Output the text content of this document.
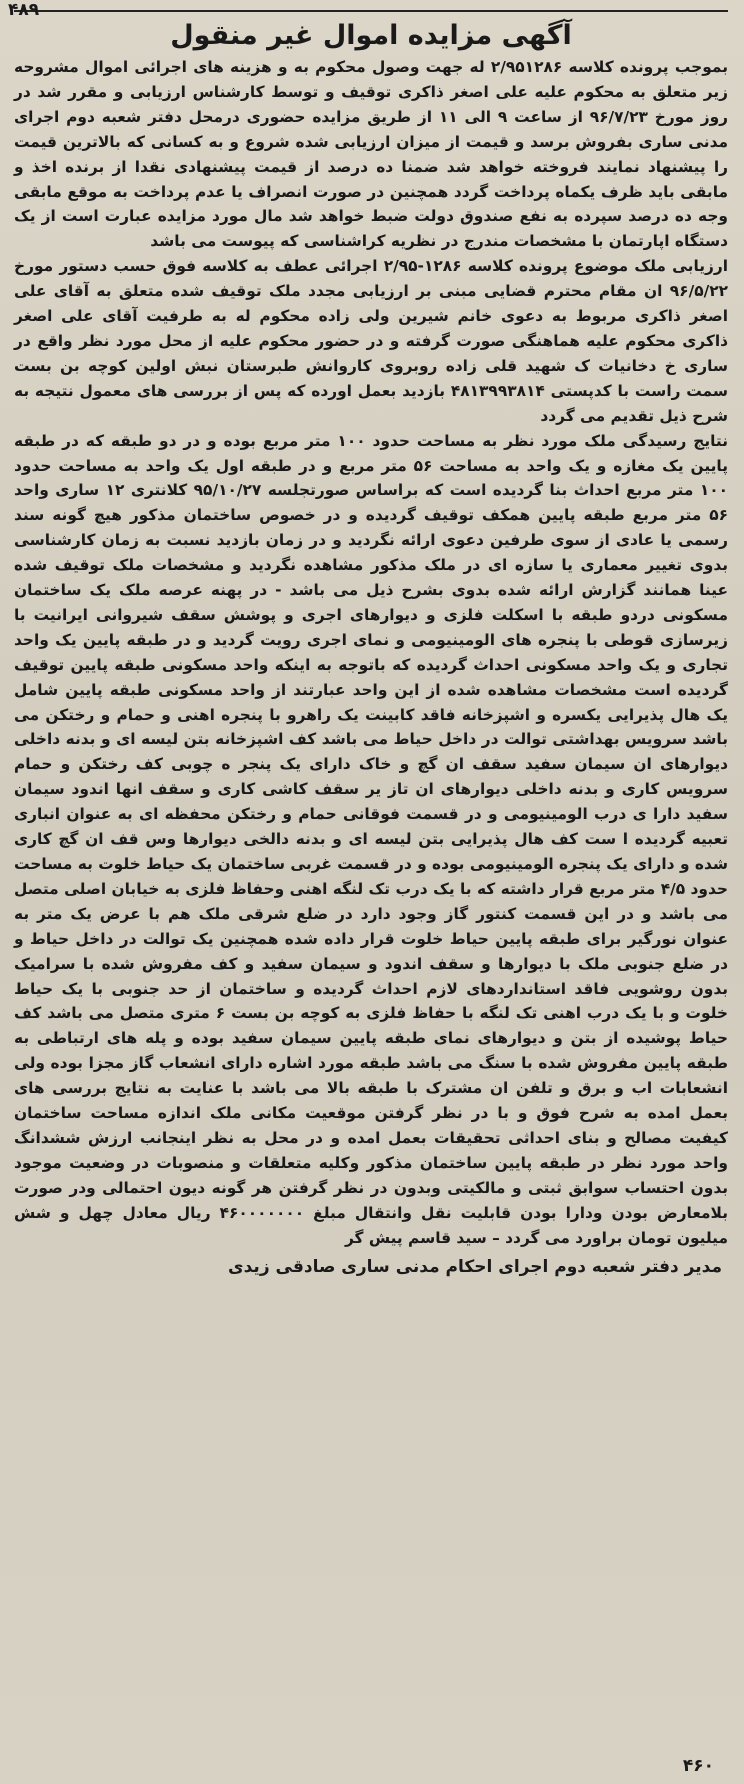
۴۸۹
آگهی مزایده اموال غیر منقول

بموجب پرونده کلاسه ۲/۹۵۱۲۸۶ له جهت وصول محکوم به و هزینه های اجرائی اموال مشروحه زیر متعلق به محکوم علیه علی اصغر ذاکری توقیف و توسط کارشناس ارزیابی و مقرر شد در روز مورخ ۹۶/۷/۲۳ از ساعت ۹ الی ۱۱ از طریق مزایده حضوری درمحل دفتر شعبه دوم اجرای مدنی ساری بفروش برسد و قیمت از میزان ارزیابی شده شروع و به کسانی که بالاترین قیمت را پیشنهاد نمایند فروخته خواهد شد ضمنا ده درصد از قیمت پیشنهادی نقدا از برنده اخذ و مابقی باید ظرف یکماه پرداخت گردد همچنین در صورت انصراف یا عدم پرداخت به موقع مابقی وجه ده درصد سپرده به نفع صندوق دولت ضبط خواهد شد مال مورد مزایده عبارت است از یک دستگاه اپارتمان با مشخصات مندرج در نظریه کراشناسی که پیوست می باشد

ارزیابی ملک موضوع پرونده کلاسه ۱۲۸۶-۲/۹۵ اجرائی عطف به کلاسه فوق حسب دستور مورخ ۹۶/۵/۲۲ ان مقام محترم قضایی مبنی بر ارزیابی مجدد ملک توقیف شده متعلق به آقای علی اصغر ذاکری مربوط به دعوی خانم شیرین ولی زاده محکوم له به طرفیت آقای علی اصغر ذاکری محکوم علیه هماهنگی صورت گرفته و در حضور محکوم علیه از محل مورد نظر واقع در ساری خ دخانیات ک شهید قلی زاده روبروی کاروانش طبرستان نبش اولین کوچه بن بست سمت راست با کدپستی ۴۸۱۳۹۹۳۸۱۴ بازدید بعمل اورده که پس از بررسی های معمول نتیجه به شرح ذیل تقدیم می گردد

نتایج رسیدگی ملک مورد نظر به مساحت حدود ۱۰۰ متر مربع بوده و در دو طبقه که در طبقه پایین یک مغازه و یک واحد به مساحت ۵۶ متر مربع و در طبقه اول یک واحد به مساحت حدود ۱۰۰ متر مربع احداث بنا گردیده است که براساس صورتجلسه ۹۵/۱۰/۲۷ کلانتری ۱۲ ساری واحد ۵۶ متر مربع طبقه پایین همکف توقیف گردیده و در خصوص ساختمان مذکور هیچ گونه سند رسمی یا عادی از سوی طرفین دعوی ارائه نگردید و در زمان بازدید نسبت به زمان کارشناسی بدوی تغییر معماری یا سازه ای در ملک مذکور مشاهده نگردید و مشخصات ملک توقیف شده عینا همانند گزارش ارائه شده بدوی بشرح ذیل می باشد - در پهنه عرصه ملک یک ساختمان مسکونی دردو طبقه با اسکلت فلزی و دیوارهای اجری و پوشش سقف شیروانی ایرانیت با زیرسازی قوطی با پنجره های الومینیومی و نمای اجری رویت گردید و در طبقه پایین یک واحد تجاری و یک واحد مسکونی احداث گردیده که باتوجه به اینکه واحد مسکونی طبقه پایین توقیف گردیده است مشخصات مشاهده شده از این واحد عبارتند از واحد مسکونی طبقه پایین شامل یک هال پذیرایی یکسره و اشپزخانه فاقد کابینت یک راهرو با پنجره اهنی و حمام و رختکن می باشد سرویس بهداشتی توالت در داخل حیاط می باشد کف اشپزخانه بتن لیسه ای و بدنه داخلی دیوارهای ان سیمان سفید سقف ان گچ و خاک دارای یک پنجر ه چوبی کف رختکن و حمام سرویس کاری و بدنه داخلی دیوارهای ان تاز یر سقف کاشی کاری و سقف انها اندود سیمان سفید دارا ی درب الومینیومی و در قسمت فوقانی حمام و رختکن محفظه ای به عنوان انباری تعبیه گردیده ا ست کف هال پذیرایی بتن لیسه ای و بدنه دالخی دیوارها وس قف ان گچ کاری شده و دارای یک پنجره الومینیومی بوده و در قسمت غربی ساختمان یک حیاط خلوت به مساحت حدود ۴/۵ متر مربع قرار داشته که با یک درب تک لنگه اهنی وحفاظ فلزی به خیابان اصلی متصل می باشد و در این قسمت کنتور گاز وجود دارد در ضلع شرقی ملک هم با عرض یک متر به عنوان نورگیر برای طبقه پایین حیاط خلوت قرار داده شده همچنین یک توالت در داخل حیاط و در ضلع جنوبی ملک با دیوارها و سقف اندود و سیمان سفید و کف مفروش شده با سرامیک بدون روشویی فاقد استانداردهای لازم احداث گردیده و ساختمان از حد جنوبی با یک حیاط خلوت و با یک درب اهنی تک لنگه با حفاظ فلزی به کوچه بن بست ۶ متری متصل می باشد کف حیاط پوشیده از بتن و دیوارهای نمای طبقه پایین سیمان سفید بوده و پله های ارتباطی به طبقه پایین مفروش شده با سنگ می باشد طبقه مورد اشاره دارای انشعاب گاز مجزا بوده ولی انشعابات اب و برق و تلفن ان مشترک با طبقه بالا می باشد با عنایت به نتایج بررسی های بعمل امده به شرح فوق و با در نظر گرفتن موقعیت مکانی ملک اندازه مساحت ساختمان کیفیت مصالح و بنای احداثی تحقیقات بعمل امده و در محل به نظر اینجانب ارزش ششدانگ واحد مورد نظر در طبقه پایین ساختمان مذکور وکلیه متعلقات و منصوبات در وضعیت موجود بدون احتساب سوابق ثبتی و مالکیتی وبدون در نظر گرفتن هر گونه دیون احتمالی ودر صورت بلامعارض بودن ودارا بودن قابلیت نقل وانتقال مبلغ ۴۶۰۰۰۰۰۰۰ ریال معادل چهل و شش میلیون تومان براورد می گردد – سید قاسم پیش گر

مدیر دفتر شعبه دوم اجرای احکام مدنی ساری صادقی زیدی
۴۶۰
